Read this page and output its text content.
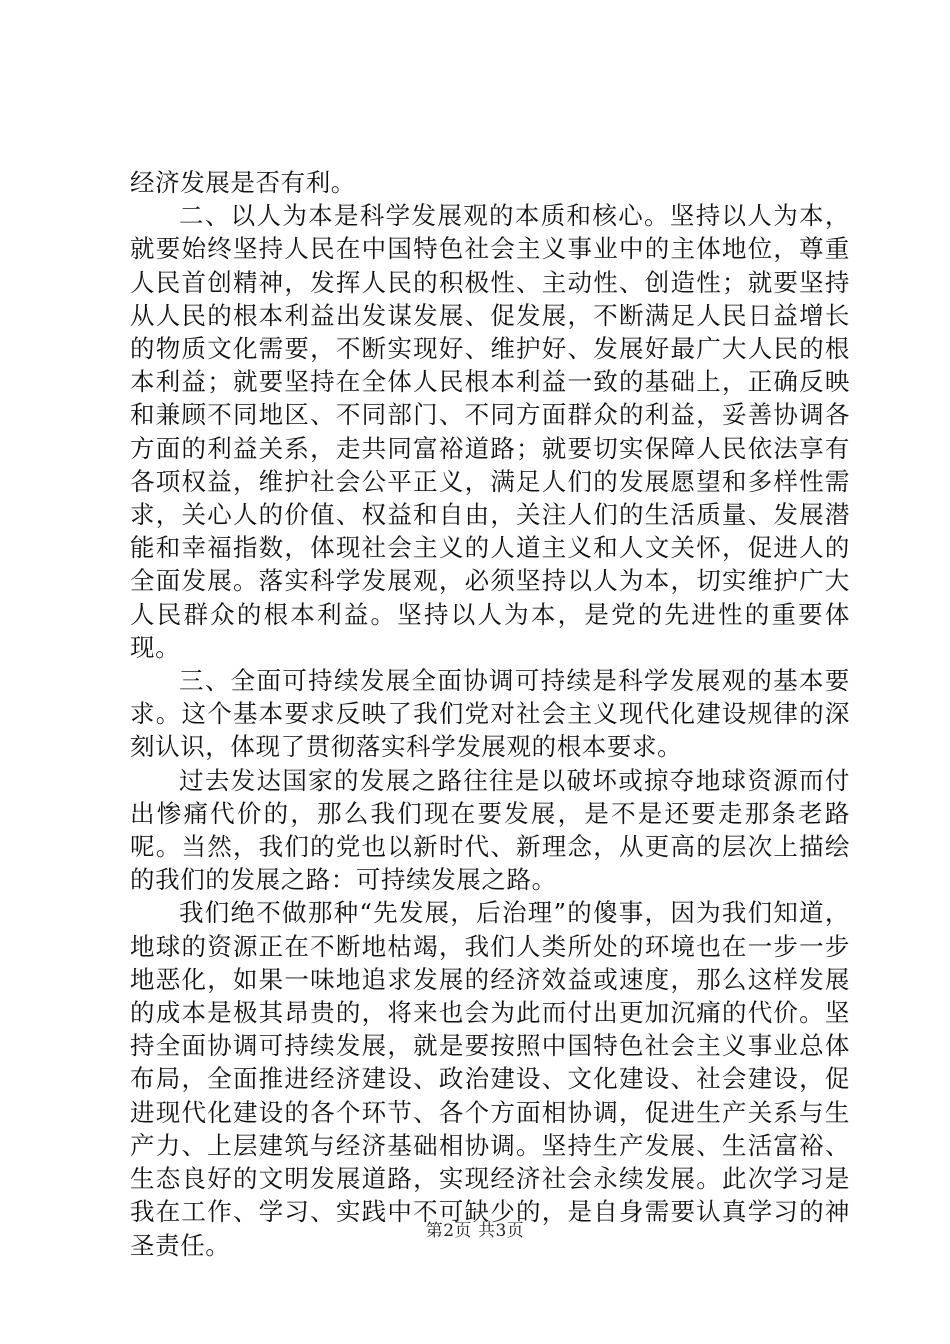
经济发展是否有利。

二、以人为本是科学发展观的本质和核心。坚持以人为本，就要始终坚持人民在中国特色社会主义事业中的主体地位，尊重人民首创精神，发挥人民的积极性、主动性、创造性；就要坚持从人民的根本利益出发谋发展、促发展，不断满足人民日益增长的物质文化需要，不断实现好、维护好、发展好最广大人民的根本利益；就要坚持在全体人民根本利益一致的基础上，正确反映和兼顾不同地区、不同部门、不同方面群众的利益，妥善协调各方面的利益关系，走共同富裕道路；就要切实保障人民依法享有各项权益，维护社会公平正义，满足人们的发展愿望和多样性需求，关心人的价值、权益和自由，关注人们的生活质量、发展潜能和幸福指数，体现社会主义的人道主义和人文关怀，促进人的全面发展。落实科学发展观，必须坚持以人为本，切实维护广大人民群众的根本利益。坚持以人为本，是党的先进性的重要体现。

三、全面可持续发展全面协调可持续是科学发展观的基本要求。这个基本要求反映了我们党对社会主义现代化建设规律的深刻认识，体现了贯彻落实科学发展观的根本要求。

过去发达国家的发展之路往往是以破坏或掠夺地球资源而付出惨痛代价的，那么我们现在要发展，是不是还要走那条老路呢。当然，我们的党也以新时代、新理念，从更高的层次上描绘的我们的发展之路：可持续发展之路。

我们绝不做那种“先发展，后治理”的傻事，因为我们知道，地球的资源正在不断地枯竭，我们人类所处的环境也在一步一步地恶化，如果一味地追求发展的经济效益或速度，那么这样发展的成本是极其昂贵的，将来也会为此而付出更加沉痛的代价。坚持全面协调可持续发展，就是要按照中国特色社会主义事业总体布局，全面推进经济建设、政治建设、文化建设、社会建设，促进现代化建设的各个环节、各个方面相协调，促进生产关系与生产力、上层建筑与经济基础相协调。坚持生产发展、生活富裕、生态良好的文明发展道路，实现经济社会永续发展。此次学习是我在工作、学习、实践中不可缺少的，是自身需要认真学习的神圣责任。	第2页 共3页
